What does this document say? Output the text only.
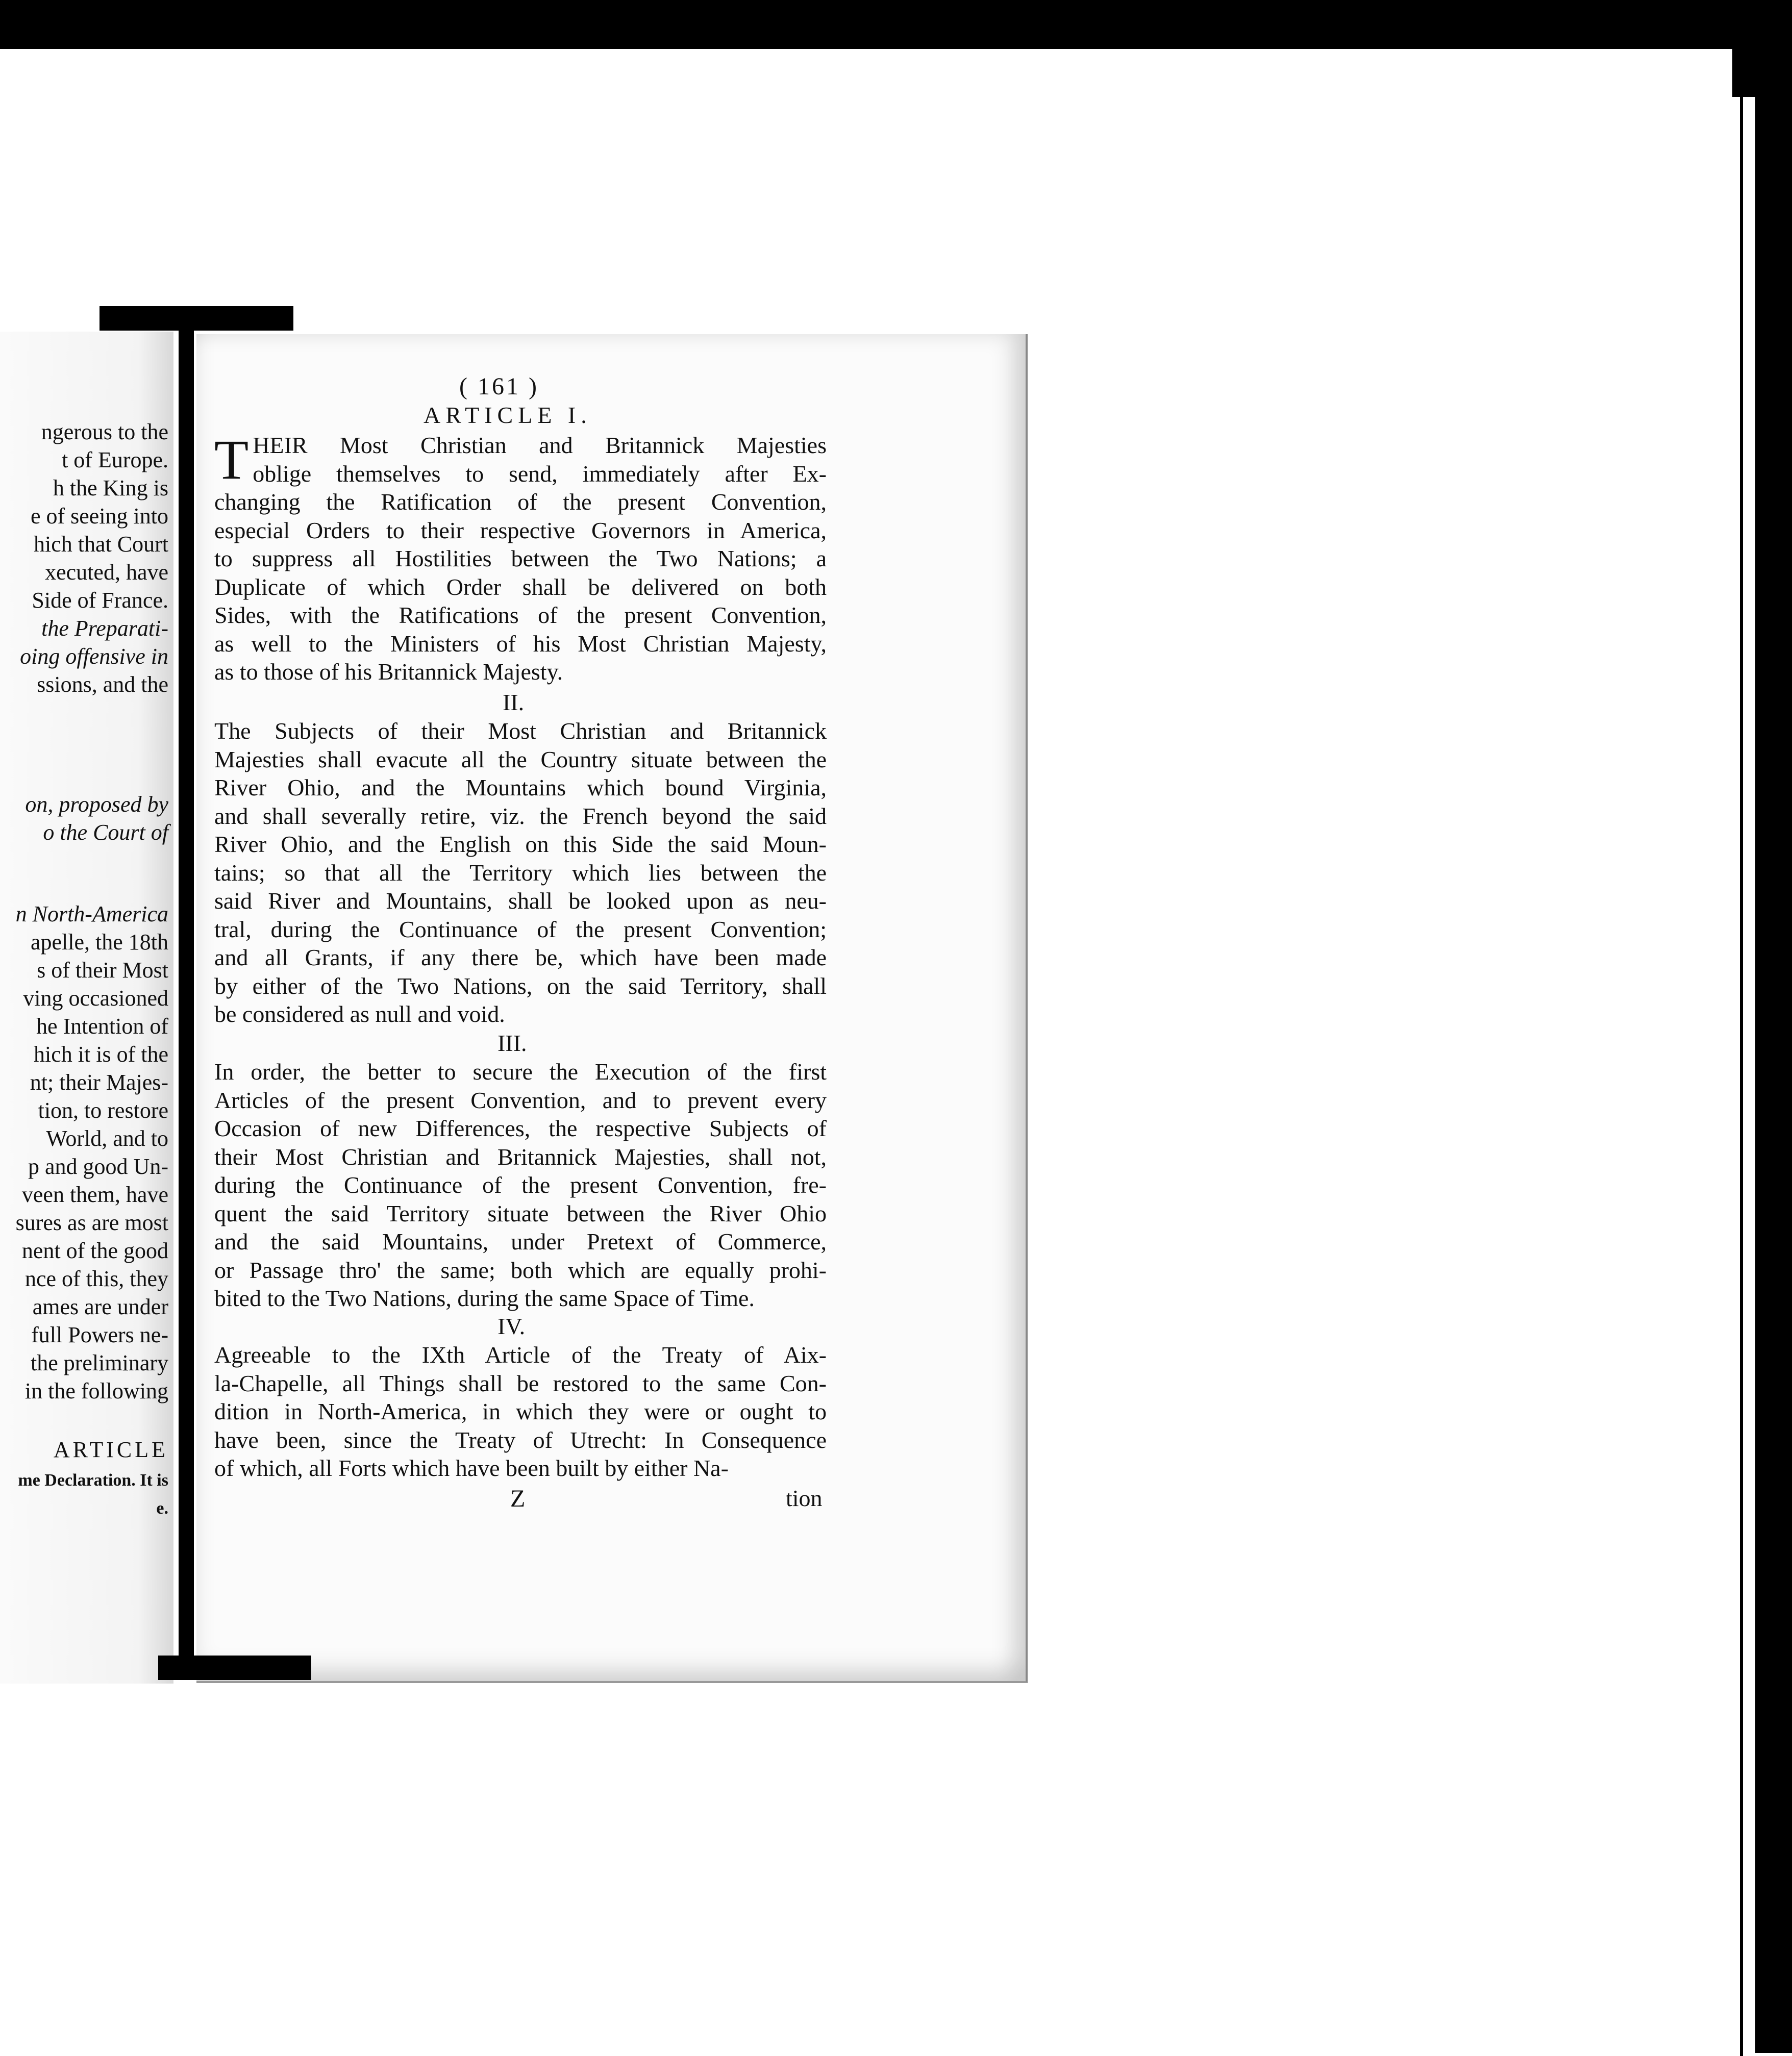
ngerous to the
t of Europe.
h the King is
e of seeing into
hich that Court
xecuted, have
Side of France.
the Preparati-
oing offensive in
ssions, and the
on, proposed by
o the Court of
n North-America
apelle, the 18th
s of their Most
ving occasioned
he Intention of
hich it is of the
nt; their Majes-
tion, to restore
World, and to
p and good Un-
veen them, have
sures as are most
nent of the good
nce of this, they
ames are under
full Powers ne-
the preliminary
in the following
ARTICLE
me Declaration. It is
e.
( 161 )
ARTICLE I.
T HEIR Most Christian and Britannick Majesties
oblige themselves to send, immediately after Ex-
changing the Ratification of the present Convention,
especial Orders to their respective Governors in America,
to suppress all Hostilities between the Two Nations; a
Duplicate of which Order shall be delivered on both
Sides, with the Ratifications of the present Convention,
as well to the Ministers of his Most Christian Majesty,
as to those of his Britannick Majesty.
II.
The Subjects of their Most Christian and Britannick
Majesties shall evacute all the Country situate between the
River Ohio, and the Mountains which bound Virginia,
and shall severally retire, viz. the French beyond the said
River Ohio, and the English on this Side the said Moun-
tains; so that all the Territory which lies between the
said River and Mountains, shall be looked upon as neu-
tral, during the Continuance of the present Convention;
and all Grants, if any there be, which have been made
by either of the Two Nations, on the said Territory, shall
be considered as null and void.
III.
In order, the better to secure the Execution of the first
Articles of the present Convention, and to prevent every
Occasion of new Differences, the respective Subjects of
their Most Christian and Britannick Majesties, shall not,
during the Continuance of the present Convention, fre-
quent the said Territory situate between the River Ohio
and the said Mountains, under Pretext of Commerce,
or Passage thro' the same; both which are equally prohi-
bited to the Two Nations, during the same Space of Time.
IV.
Agreeable to the IXth Article of the Treaty of Aix-
la-Chapelle, all Things shall be restored to the same Con-
dition in North-America, in which they were or ought to
have been, since the Treaty of Utrecht: In Consequence
of which, all Forts which have been built by either Na-
Z	tion
